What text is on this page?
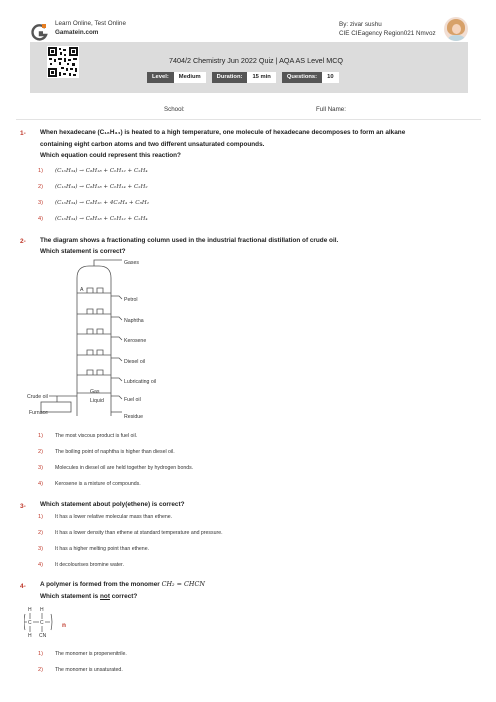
Learn Online, Test Online
Gamatein.com
By: zivar sushu
CIE CIEagency Region021 Nmvoz
7404/2 Chemistry Jun 2022 Quiz | AQA AS Level MCQ
Level:	Medium	Duration:	15 min	Questions:	10
School:	Full Name:
1- When hexadecane (C₁₆H₃₄) is heated to a high temperature, one molecule of hexadecane decomposes to form an alkane
containing eight carbon atoms and two different unsaturated compounds.
Which equation could represent this reaction?
1)	(C₁₆H₃₄) → C₈H₁₈ + C₆H₁₂ + C₂H₄
2)	(C₁₆H₃₄) → C₈H₁₈ + C₆H₁₄ + C₂H₂
3)	(C₁₆H₃₄) → C₈H₁₆ + 4C₂H₄ + C₈H₂
4)	(C₁₆H₃₄) → C₈H₁₈ + C₆H₁₂ + C₂H₄
2- The diagram shows a fractionating column used in the industrial fractional distillation of crude oil.
Which statement is correct?
Gases
Petrol
Naphtha
Kerosene
Diesel oil
Lubricating oil
Fuel oil
Residue
Crude oil
Furnace
Gas
Liquid
A
1)	The most viscous product is fuel oil.
2)	The boiling point of naphtha is higher than diesel oil.
3)	Molecules in diesel oil are held together by hydrogen bonds.
4)	Kerosene is a mixture of compounds.
3- Which statement about poly(ethene) is correct?
1)	It has a lower relative molecular mass than ethene.
2)	It has a lower density than ethene at standard temperature and pressure.
3)	It has a higher melting point than ethene.
4)	It decolourises bromine water.
4- A polymer is formed from the monomer CH₂ = CHCN
Which statement is not correct?
H H
C C
H CN
n
1)	The monomer is propenenitrile.
2)	The monomer is unsaturated.
